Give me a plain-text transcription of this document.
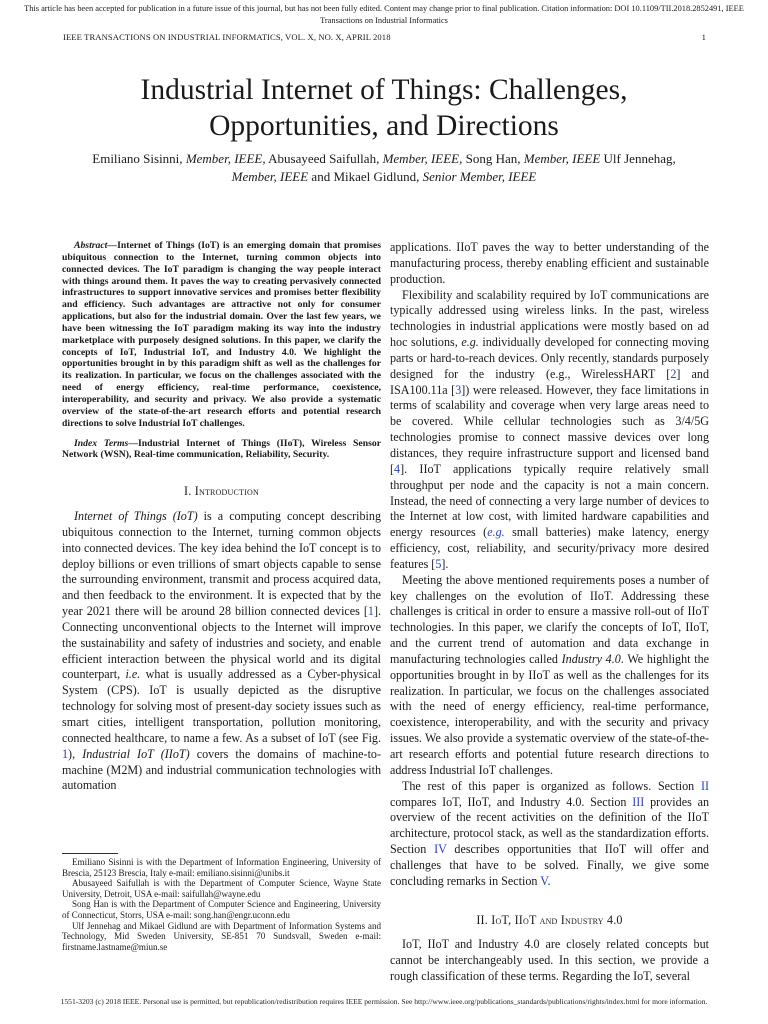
This article has been accepted for publication in a future issue of this journal, but has not been fully edited. Content may change prior to final publication. Citation information: DOI 10.1109/TII.2018.2852491, IEEE Transactions on Industrial Informatics
IEEE TRANSACTIONS ON INDUSTRIAL INFORMATICS, VOL. X, NO. X, APRIL 2018	1
Industrial Internet of Things: Challenges,
Opportunities, and Directions
Emiliano Sisinni, Member, IEEE, Abusayeed Saifullah, Member, IEEE, Song Han, Member, IEEE Ulf Jennehag, Member, IEEE and Mikael Gidlund, Senior Member, IEEE
Abstract—Internet of Things (IoT) is an emerging domain that promises ubiquitous connection to the Internet, turning common objects into connected devices. The IoT paradigm is changing the way people interact with things around them. It paves the way to creating pervasively connected infrastructures to support innovative services and promises better flexibility and efficiency. Such advantages are attractive not only for consumer applications, but also for the industrial domain. Over the last few years, we have been witnessing the IoT paradigm making its way into the industry marketplace with purposely designed solutions. In this paper, we clarify the concepts of IoT, Industrial IoT, and Industry 4.0. We highlight the opportunities brought in by this paradigm shift as well as the challenges for its realization. In particular, we focus on the challenges associated with the need of energy efficiency, real-time performance, coexistence, interoperability, and security and privacy. We also provide a systematic overview of the state-of-the-art research efforts and potential research directions to solve Industrial IoT challenges.
Index Terms—Industrial Internet of Things (IIoT), Wireless Sensor Network (WSN), Real-time communication, Reliability, Security.
I. Introduction

Internet of Things (IoT) is a computing concept describing ubiquitous connection to the Internet, turning common objects into connected devices. The key idea behind the IoT concept is to deploy billions or even trillions of smart objects capable to sense the surrounding environment, transmit and process acquired data, and then feedback to the environment. It is expected that by the year 2021 there will be around 28 billion connected devices [1]. Connecting unconventional objects to the Internet will improve the sustainability and safety of industries and society, and enable efficient interaction between the physical world and its digital counterpart, i.e. what is usually addressed as a Cyber-physical System (CPS). IoT is usually depicted as the disruptive technology for solving most of present-day society issues such as smart cities, intelligent transportation, pollution monitoring, connected healthcare, to name a few. As a subset of IoT (see Fig. 1), Industrial IoT (IIoT) covers the domains of machine-to-machine (M2M) and industrial communication technologies with automation

Emiliano Sisinni is with the Department of Information Engineering, University of Brescia, 25123 Brescia, Italy e-mail: emiliano.sisinni@unibs.it

Abusayeed Saifullah is with the Department of Computer Science, Wayne State University, Detroit, USA e-mail: saifullah@wayne.edu

Song Han is with the Department of Computer Science and Engineering, University of Connecticut, Storrs, USA e-mail: song.han@engr.uconn.edu

Ulf Jennehag and Mikael Gidlund are with Department of Information Systems and Technology, Mid Sweden University, SE-851 70 Sundsvall, Sweden e-mail: firstname.lastname@miun.se

applications. IIoT paves the way to better understanding of the manufacturing process, thereby enabling efficient and sustainable production.

Flexibility and scalability required by IoT communications are typically addressed using wireless links. In the past, wireless technologies in industrial applications were mostly based on ad hoc solutions, e.g. individually developed for connecting moving parts or hard-to-reach devices. Only recently, standards purposely designed for the industry (e.g., WirelessHART [2] and ISA100.11a [3]) were released. However, they face limitations in terms of scalability and coverage when very large areas need to be covered. While cellular technologies such as 3/4/5G technologies promise to connect massive devices over long distances, they require infrastructure support and licensed band [4]. IIoT applications typically require relatively small throughput per node and the capacity is not a main concern. Instead, the need of connecting a very large number of devices to the Internet at low cost, with limited hardware capabilities and energy resources (e.g. small batteries) make latency, energy efficiency, cost, reliability, and security/privacy more desired features [5].

Meeting the above mentioned requirements poses a number of key challenges on the evolution of IIoT. Addressing these challenges is critical in order to ensure a massive roll-out of IIoT technologies. In this paper, we clarify the concepts of IoT, IIoT, and the current trend of automation and data exchange in manufacturing technologies called Industry 4.0. We highlight the opportunities brought in by IIoT as well as the challenges for its realization. In particular, we focus on the challenges associated with the need of energy efficiency, real-time performance, coexistence, interoperability, and with the security and privacy issues. We also provide a systematic overview of the state-of-the-art research efforts and potential future research directions to address Industrial IoT challenges.

The rest of this paper is organized as follows. Section II compares IoT, IIoT, and Industry 4.0. Section III provides an overview of the recent activities on the definition of the IIoT architecture, protocol stack, as well as the standardization efforts. Section IV describes opportunities that IIoT will offer and challenges that have to be solved. Finally, we give some concluding remarks in Section V.

II. IoT, IIoT and Industry 4.0

IoT, IIoT and Industry 4.0 are closely related concepts but cannot be interchangeably used. In this section, we provide a rough classification of these terms. Regarding the IoT, several

1551-3203 (c) 2018 IEEE. Personal use is permitted, but republication/redistribution requires IEEE permission. See http://www.ieee.org/publications_standards/publications/rights/index.html for more information.
